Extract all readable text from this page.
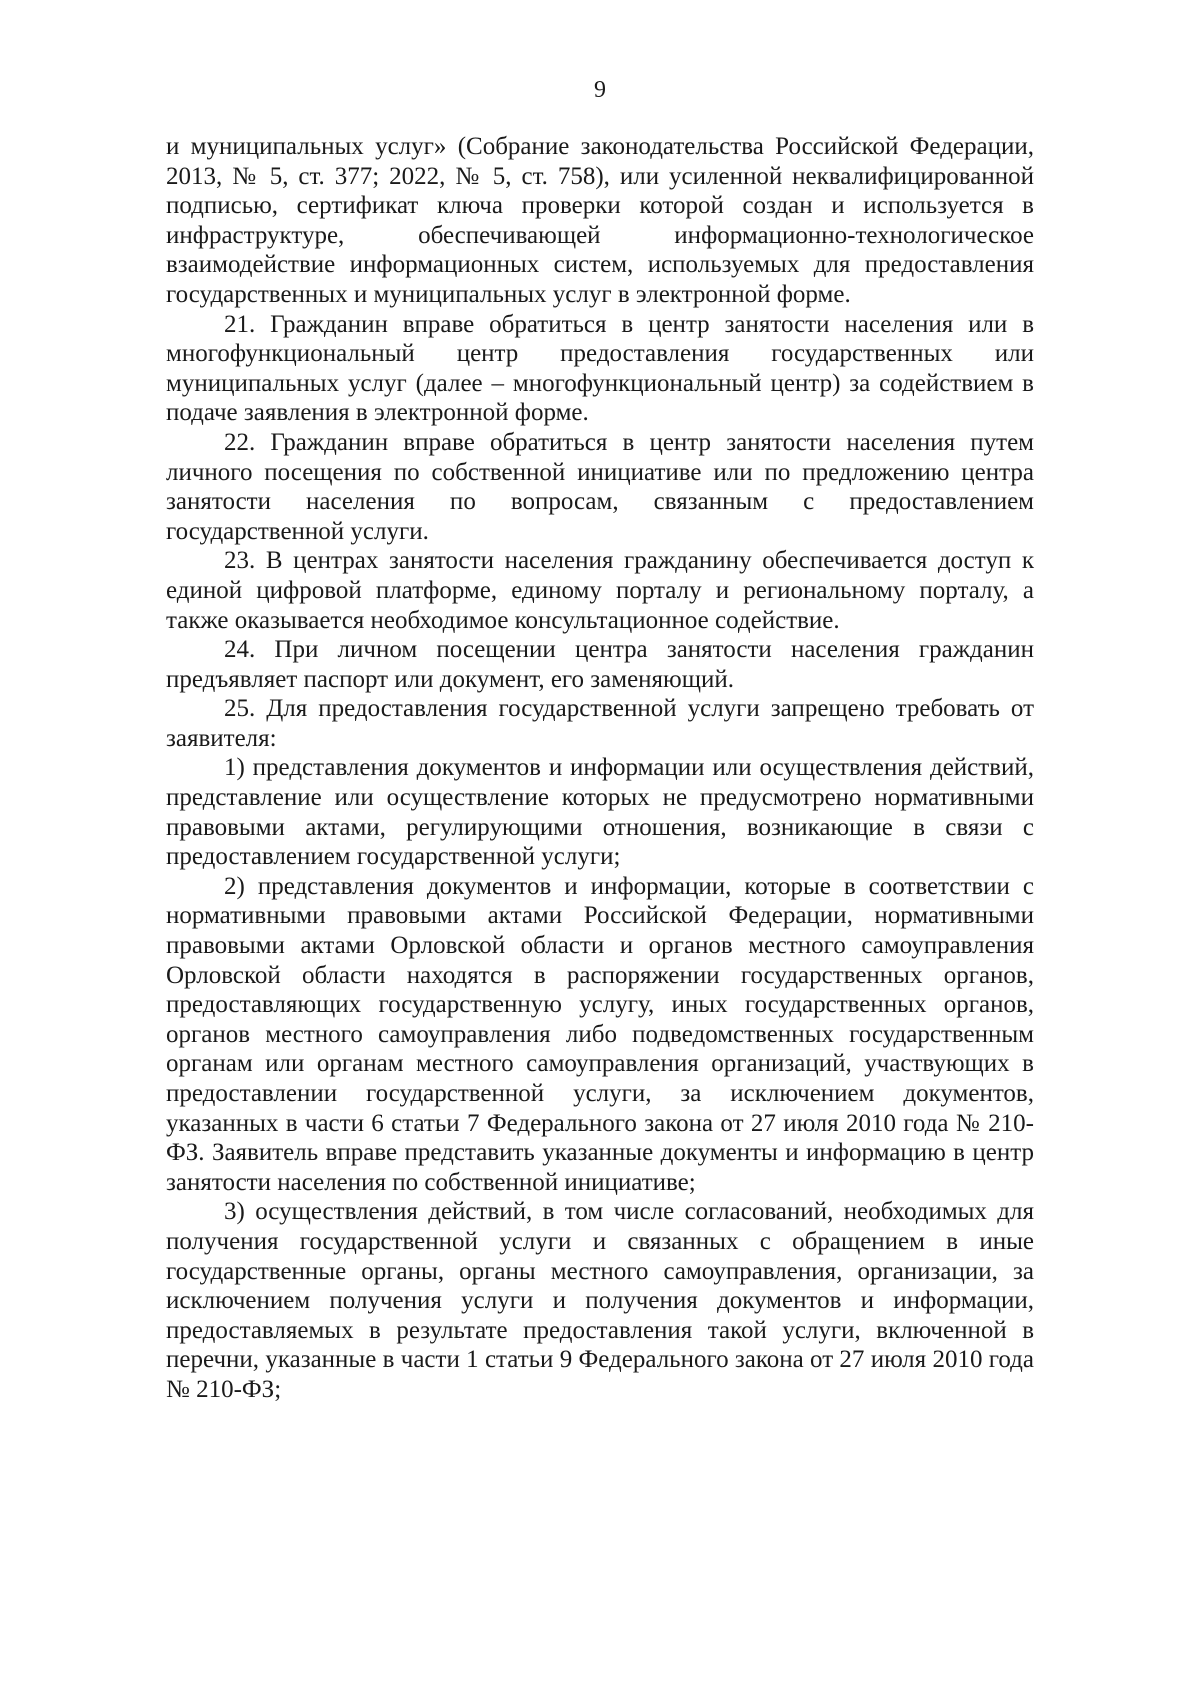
9

и муниципальных услуг» (Собрание законодательства Российской Федерации, 2013, № 5, ст. 377; 2022, № 5, ст. 758), или усиленной неквалифицированной подписью, сертификат ключа проверки которой создан и используется в инфраструктуре, обеспечивающей информационно-технологическое взаимодействие информационных систем, используемых для предоставления государственных и муниципальных услуг в электронной форме.

21. Гражданин вправе обратиться в центр занятости населения или в многофункциональный центр предоставления государственных или муниципальных услуг (далее – многофункциональный центр) за содействием в подаче заявления в электронной форме.

22. Гражданин вправе обратиться в центр занятости населения путем личного посещения по собственной инициативе или по предложению центра занятости населения по вопросам, связанным с предоставлением государственной услуги.

23. В центрах занятости населения гражданину обеспечивается доступ к единой цифровой платформе, единому порталу и региональному порталу, а также оказывается необходимое консультационное содействие.

24. При личном посещении центра занятости населения гражданин предъявляет паспорт или документ, его заменяющий.

25. Для предоставления государственной услуги запрещено требовать от заявителя:

1) представления документов и информации или осуществления действий, представление или осуществление которых не предусмотрено нормативными правовыми актами, регулирующими отношения, возникающие в связи с предоставлением государственной услуги;

2) представления документов и информации, которые в соответствии с нормативными правовыми актами Российской Федерации, нормативными правовыми актами Орловской области и органов местного самоуправления Орловской области находятся в распоряжении государственных органов, предоставляющих государственную услугу, иных государственных органов, органов местного самоуправления либо подведомственных государственным органам или органам местного самоуправления организаций, участвующих в предоставлении государственной услуги, за исключением документов, указанных в части 6 статьи 7 Федерального закона от 27 июля 2010 года № 210-ФЗ. Заявитель вправе представить указанные документы и информацию в центр занятости населения по собственной инициативе;

3) осуществления действий, в том числе согласований, необходимых для получения государственной услуги и связанных с обращением в иные государственные органы, органы местного самоуправления, организации, за исключением получения услуги и получения документов и информации, предоставляемых в результате предоставления такой услуги, включенной в перечни, указанные в части 1 статьи 9 Федерального закона от 27 июля 2010 года № 210-ФЗ;
